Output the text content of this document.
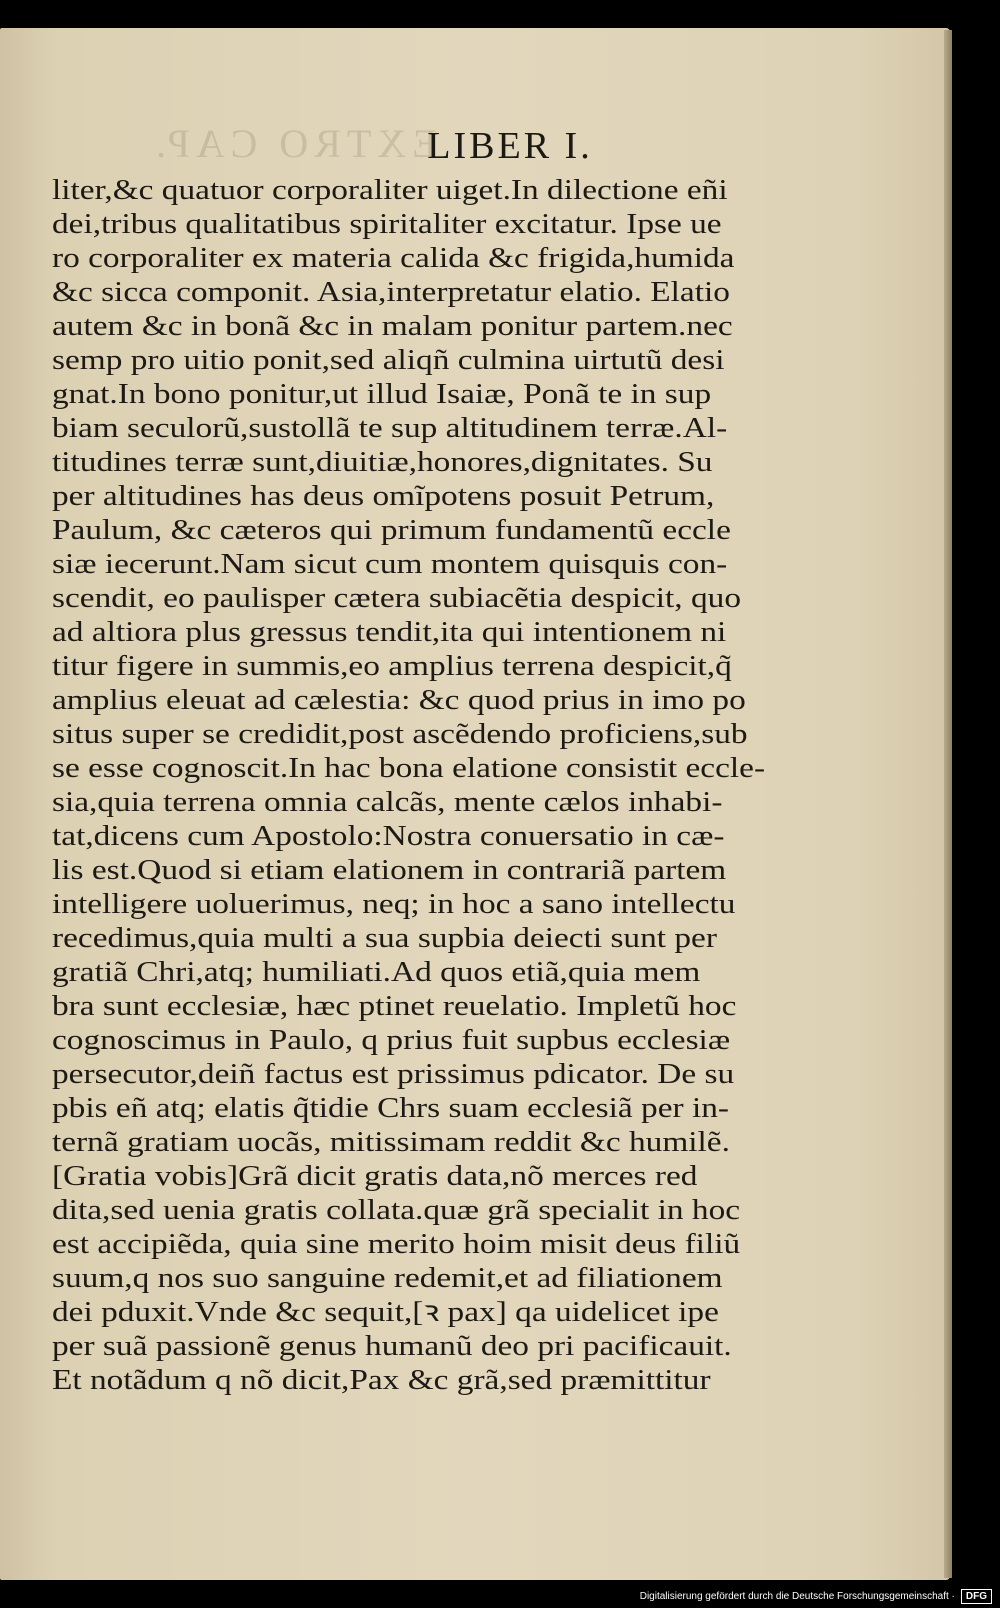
EXTRO CAP.
LIBER I.
liter,&c quatuor corporaliter uiget.In dilectione eñi
dei,tribus qualitatibus spiritaliter excitatur. Ipse ue
ro corporaliter ex materia calida &c frigida,humida
&c sicca componit. Asia,interpretatur elatio. Elatio
autem &c in bonã &c in malam ponitur partem.nec
semp pro uitio ponit,sed aliqñ culmina uirtutũ desi
gnat.In bono ponitur,ut illud Isaiæ, Ponã te in sup
biam seculorũ,sustollã te sup altitudinem terræ.Al-
titudines terræ sunt,diuitiæ,honores,dignitates. Su
per altitudines has deus omĩpotens posuit Petrum,
Paulum, &c cæteros qui primum fundamentũ eccle
siæ iecerunt.Nam sicut cum montem quisquis con-
scendit, eo paulisper cætera subiacẽtia despicit, quo
ad altiora plus gressus tendit,ita qui intentionem ni
titur figere in summis,eo amplius terrena despicit,q̃
amplius eleuat ad cælestia: &c quod prius in imo po
situs super se credidit,post ascẽdendo proficiens,sub
se esse cognoscit.In hac bona elatione consistit eccle-
sia,quia terrena omnia calcãs, mente cælos inhabi-
tat,dicens cum Apostolo:Nostra conuersatio in cæ-
lis est.Quod si etiam elationem in contrariã partem
intelligere uoluerimus, neq; in hoc a sano intellectu
recedimus,quia multi a sua supbia deiecti sunt per
gratiã Chri,atq; humiliati.Ad quos etiã,quia mem
bra sunt ecclesiæ, hæc ptinet reuelatio. Impletũ hoc
cognoscimus in Paulo, q prius fuit supbus ecclesiæ
persecutor,deiñ factus est prissimus pdicator. De su
pbis eñ atq; elatis q̃tidie Chrs suam ecclesiã per in-
ternã gratiam uocãs, mitissimam reddit &c humilẽ.
[Gratia vobis]Grã dicit gratis data,nõ merces red
dita,sed uenia gratis collata.quæ grã specialit in hoc
est accipiẽda, quia sine merito hoim misit deus filiũ
suum,q nos suo sanguine redemit,et ad filiationem
dei pduxit.Vnde &c sequit,[ꝛ pax] qa uidelicet ipe
per suã passionẽ genus humanũ deo pri pacificauit.
Et notãdum q nõ dicit,Pax &c grã,sed præmittitur
Digitalisierung gefördert durch die Deutsche Forschungsgemeinschaft ·	DFG
